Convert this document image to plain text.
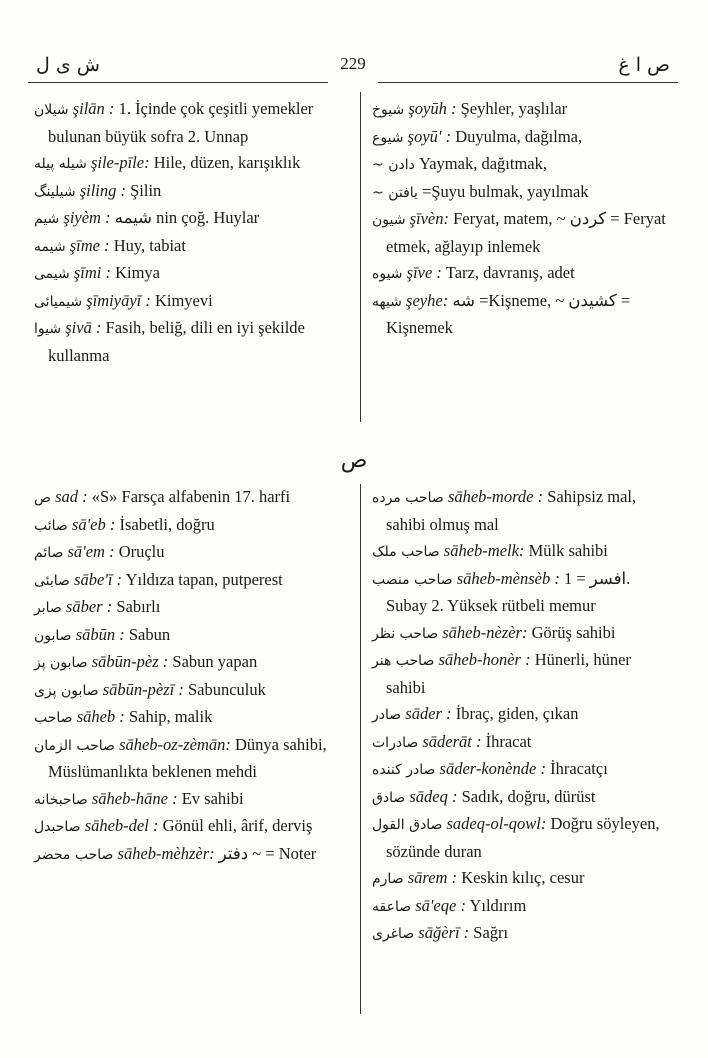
ش ی ل	229	ص ا غ
شیلان şilān : 1. İçinde çok çeşitli yemekler bulunan büyük sofra 2. Unnap
شیله پیله şile-pīle: Hile, düzen, karışıklık
شیلینگ şiling : Şilin
شیم şiyèm : شیمه nin çoğ. Huylar
شیمه şīme : Huy, tabiat
شیمی şīmi : Kimya
شیمیائی şīmiyāyī : Kimyevi
شیوا şivā : Fasih, beliğ, dili en iyi şekilde kullanma
شیوخ şoyūh : Şeyhler, yaşlılar
شیوع şoyū' : Duyulma, dağılma,
~ دادن Yaymak, dağıtmak,
~ یافتن =Şuyu bulmak, yayılmak
شیون şīvèn: Feryat, matem, ~ کردن = Feryat etmek, ağlayıp inlemek
شیوه şīve : Tarz, davranış, adet
شیهه şeyhe: شه =Kişneme, ~ کشیدن = Kişnemek
ص
ص sad : «S» Farsça alfabenin 17. harfi
صائب sā'eb : İsabetli, doğru
صائم sā'em : Oruçlu
صابئی sābe'ī : Yıldıza tapan, putperest
صابر sāber : Sabırlı
صابون sābūn : Sabun
صابون پز sābūn-pèz : Sabun yapan
صابون پزی sābūn-pèzī : Sabunculuk
صاحب sāheb : Sahip, malik
صاحب الزمان sāheb-oz-zèmān: Dünya sahibi, Müslümanlıkta beklenen mehdi
صاحبخانه sāheb-hāne : Ev sahibi
صاحبدل sāheb-del : Gönül ehli, ârif, derviş
صاحب محضر sāheb-mèhzèr: دفتر ~ = Noter
صاحب مرده sāheb-morde : Sahipsiz mal, sahibi olmuş mal
صاحب ملک sāheb-melk: Mülk sahibi
صاحب منصب sāheb-mènsèb : افسر = 1. Subay 2. Yüksek rütbeli memur
صاحب نظر sāheb-nèzèr: Görüş sahibi
صاحب هنر sāheb-honèr : Hünerli, hüner sahibi
صادر sāder : İbraç, giden, çıkan
صادرات sāderāt : İhracat
صادر کننده sāder-konènde : İhracatçı
صادق sādeq : Sadık, doğru, dürüst
صادق القول sadeq-ol-qowl: Doğru söyleyen, sözünde duran
صارم sārem : Keskin kılıç, cesur
صاعقه sā'eqe : Yıldırım
صاغری sāğèrī : Sağrı
